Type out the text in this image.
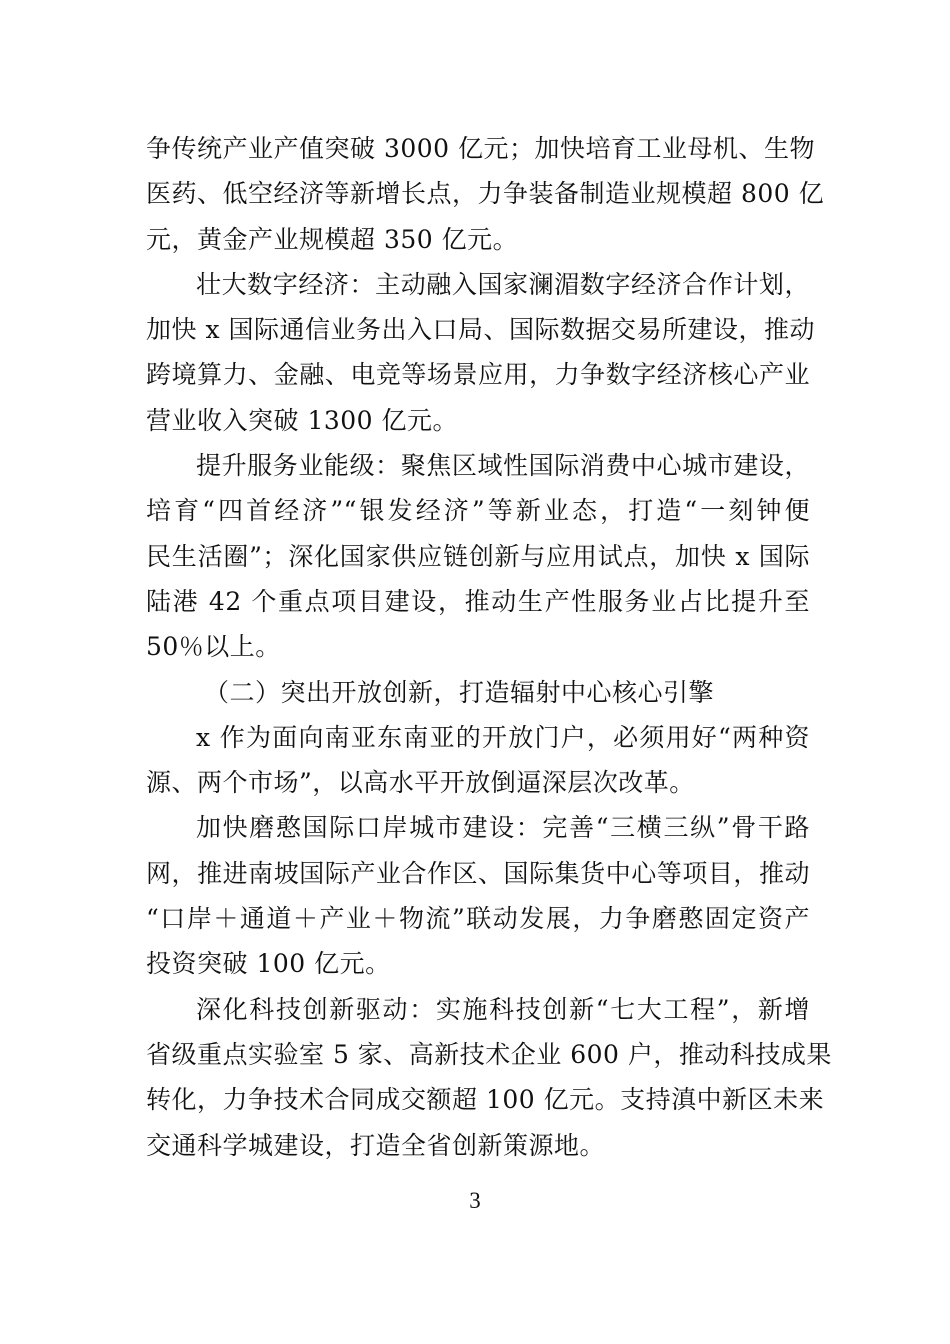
争传统产业产值突破 3000 亿元；加快培育工业母机、生物
医药、低空经济等新增长点，力争装备制造业规模超 800 亿
元，黄金产业规模超 350 亿元。

壮大数字经济：主动融入国家澜湄数字经济合作计划，
加快 x 国际通信业务出入口局、国际数据交易所建设，推动
跨境算力、金融、电竞等场景应用，力争数字经济核心产业
营业收入突破 1300 亿元。

提升服务业能级：聚焦区域性国际消费中心城市建设，
培育“四首经济”“银发经济”等新业态，打造“一刻钟便
民生活圈”；深化国家供应链创新与应用试点，加快 x 国际
陆港 42 个重点项目建设，推动生产性服务业占比提升至
50％以上。

（二）突出开放创新，打造辐射中心核心引擎

x 作为面向南亚东南亚的开放门户，必须用好“两种资
源、两个市场”，以高水平开放倒逼深层次改革。

加快磨憨国际口岸城市建设：完善“三横三纵”骨干路
网，推进南坡国际产业合作区、国际集货中心等项目，推动
“口岸＋通道＋产业＋物流”联动发展，力争磨憨固定资产
投资突破 100 亿元。

深化科技创新驱动：实施科技创新“七大工程”，新增
省级重点实验室 5 家、高新技术企业 600 户，推动科技成果
转化，力争技术合同成交额超 100 亿元。支持滇中新区未来
交通科学城建设，打造全省创新策源地。

3
